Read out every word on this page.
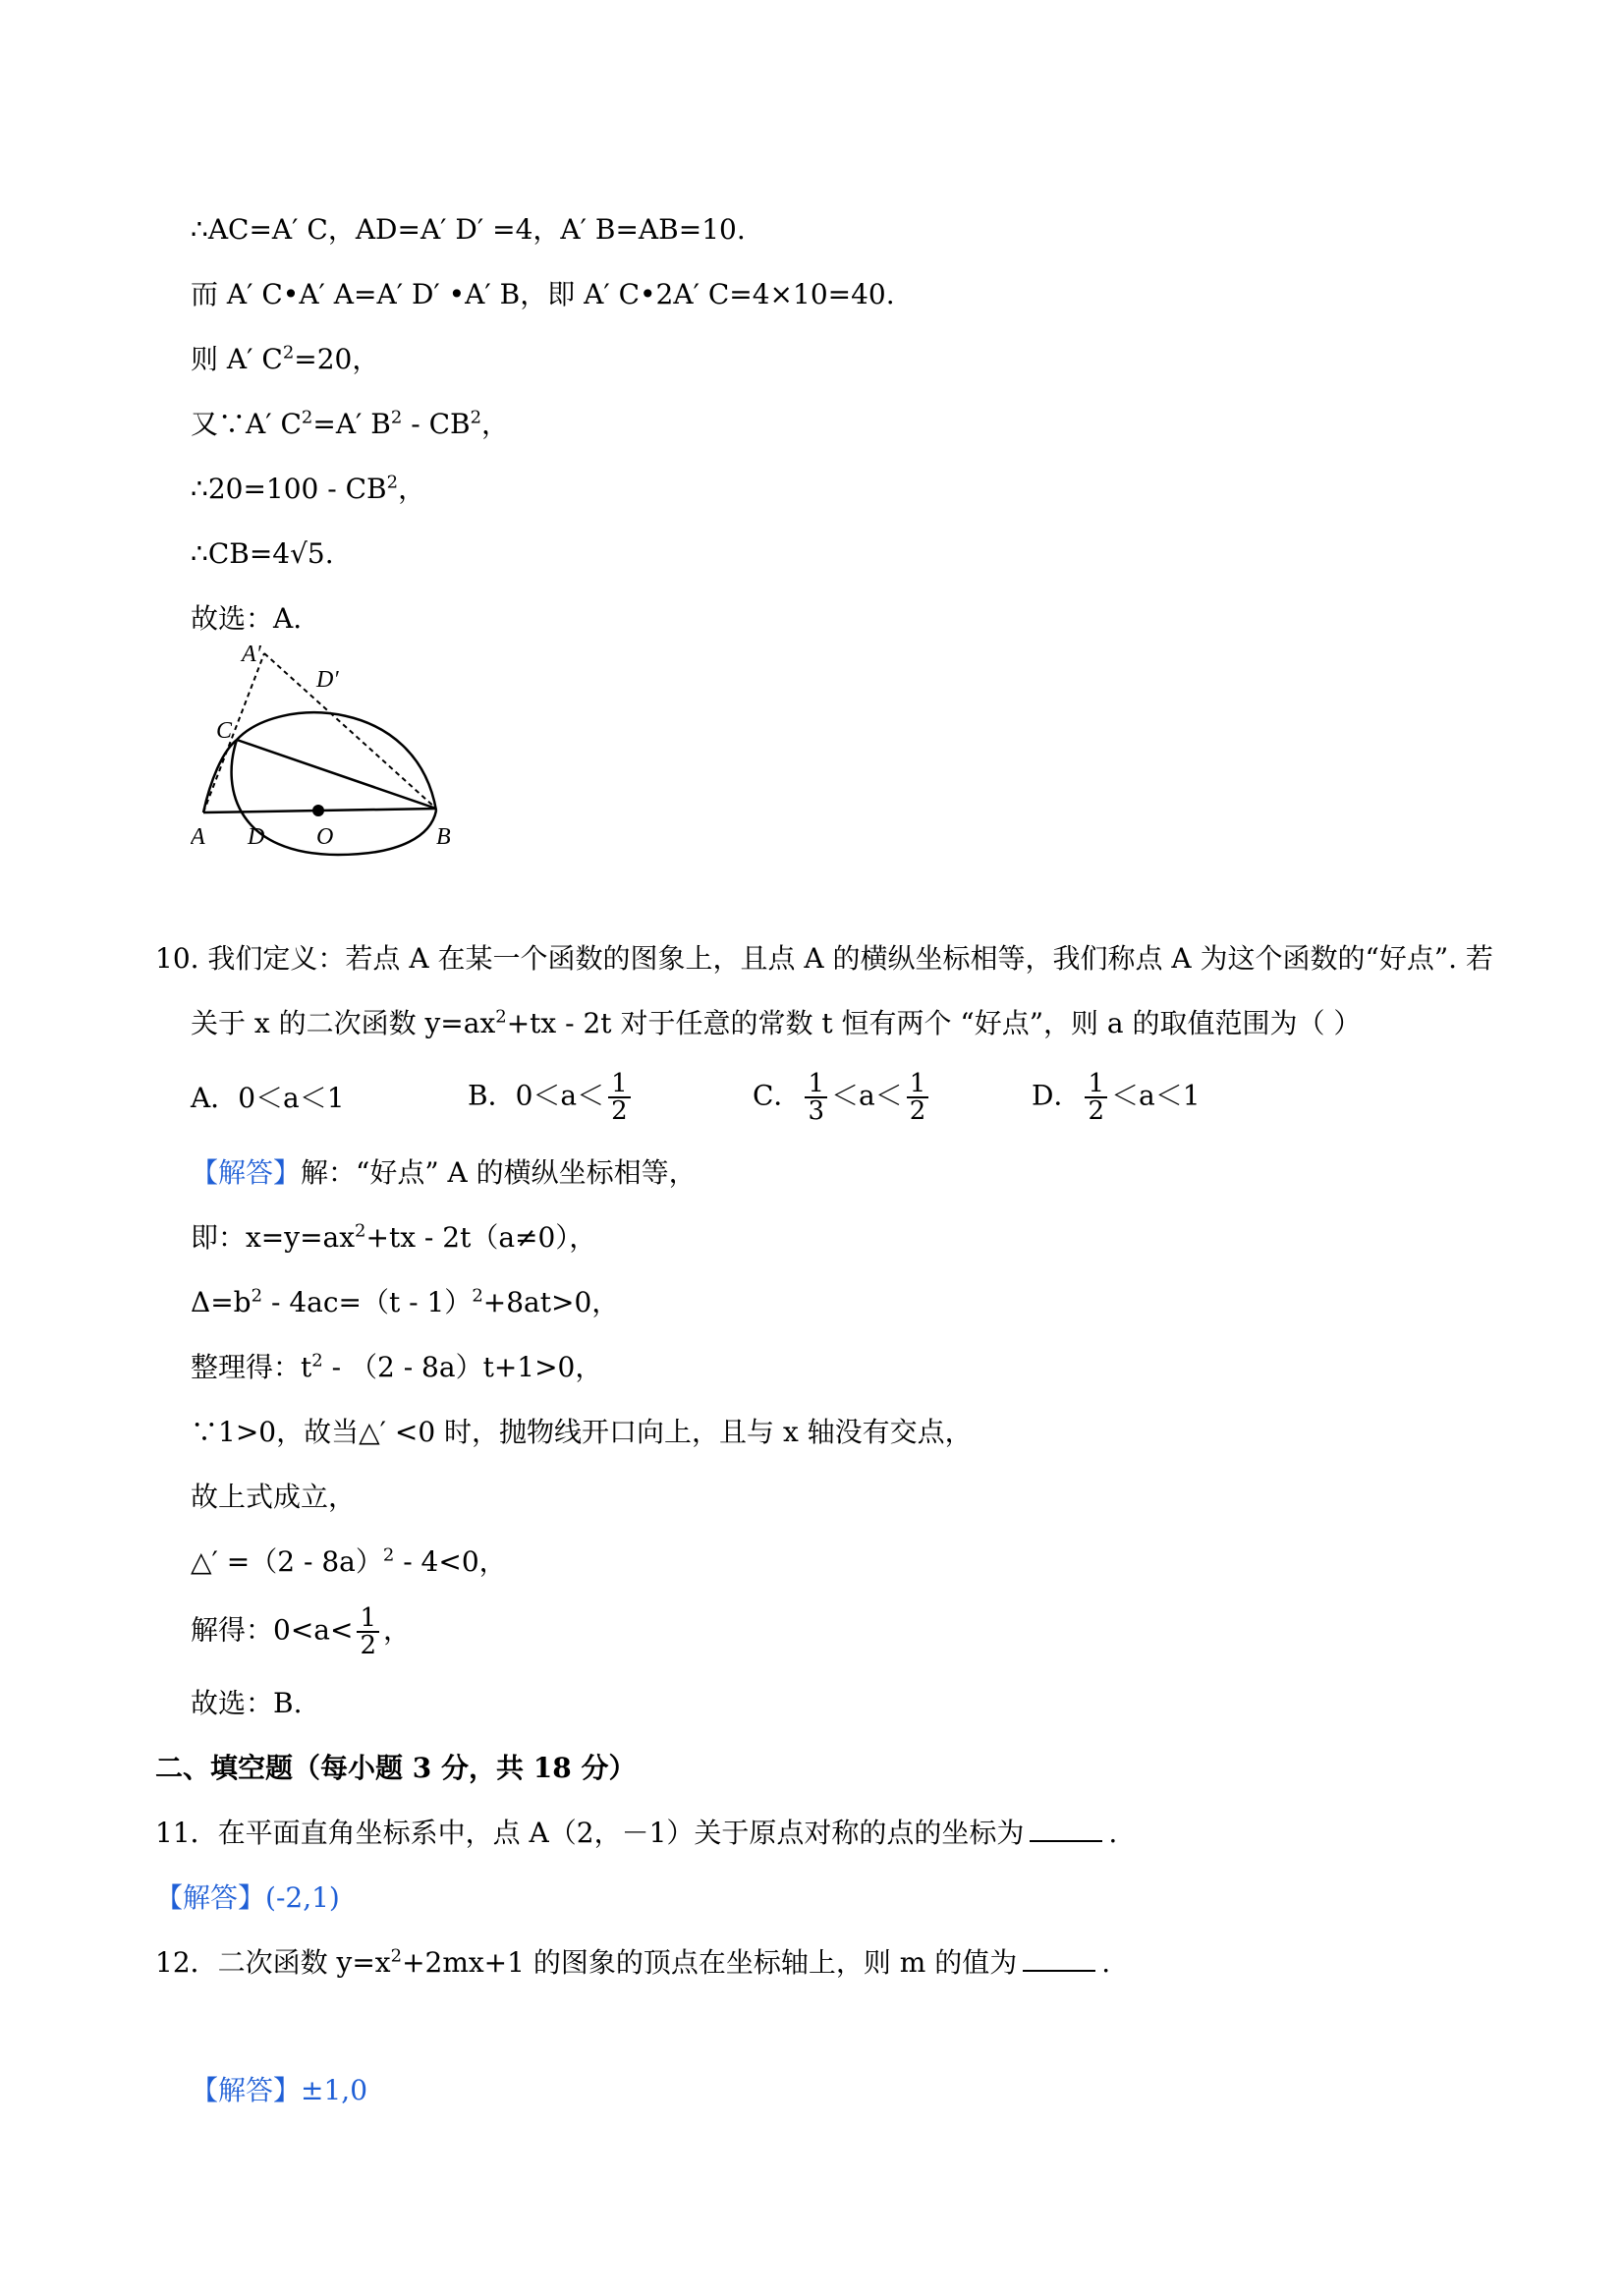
∴AC=A′ C，AD=A′ D′ =4，A′ B=AB=10.
而 A′ C•A′ A=A′ D′ •A′ B，即 A′ C•2A′ C=4×10=40.
则 A′ $C^2=20$，
又∵A′ $C^2=A'$ $B^2 - CB^2$，
∴20=100 - $CB^2$，
∴CB=4√5.
故选：A.
A′
D′
C
A D O	B
10. 我们定义：若点 A 在某一个函数的图象上，且点 A 的横纵坐标相等，我们称点 A 为这个函数的“好点”. 若
关于 x 的二次函数 $y=ax^2+tx - 2t$ 对于任意的常数 t 恒有两个 “好点”，则 a 的取值范围为（ ）
A．0＜a＜1	B．$0<a< \frac{1}{2}$	C． $\frac{1}{3} <a< \frac{1}{2}$	D． $\frac{1}{2} <a<1$
【解答】解：“好点” A 的横纵坐标相等，
即：$x=y=ax^2+tx - 2t(a\ne 0)$，
$\Delta=b^2 - 4ac=(t - 1)^2+8at>0$，
整理得：$t^2 - (2 - 8a)t+1>0$，
∵1>0，故当△′ <0 时，抛物线开口向上，且与 x 轴没有交点，
故上式成立，
△′ =（2 - 8a）$^2$ - 4<0，
解得：$0<a< \frac{1}{2}$ ，
故选：B.
二、填空题（每小题 3 分，共 18 分）
11．在平面直角坐标系中，点 A（2，－1）关于原点对称的点的坐标为	.
【解答】(-2,1)
12．二次函数 $y=x^2+2mx+1$ 的图象的顶点在坐标轴上，则 m 的值为	.
【解答】±1,0
